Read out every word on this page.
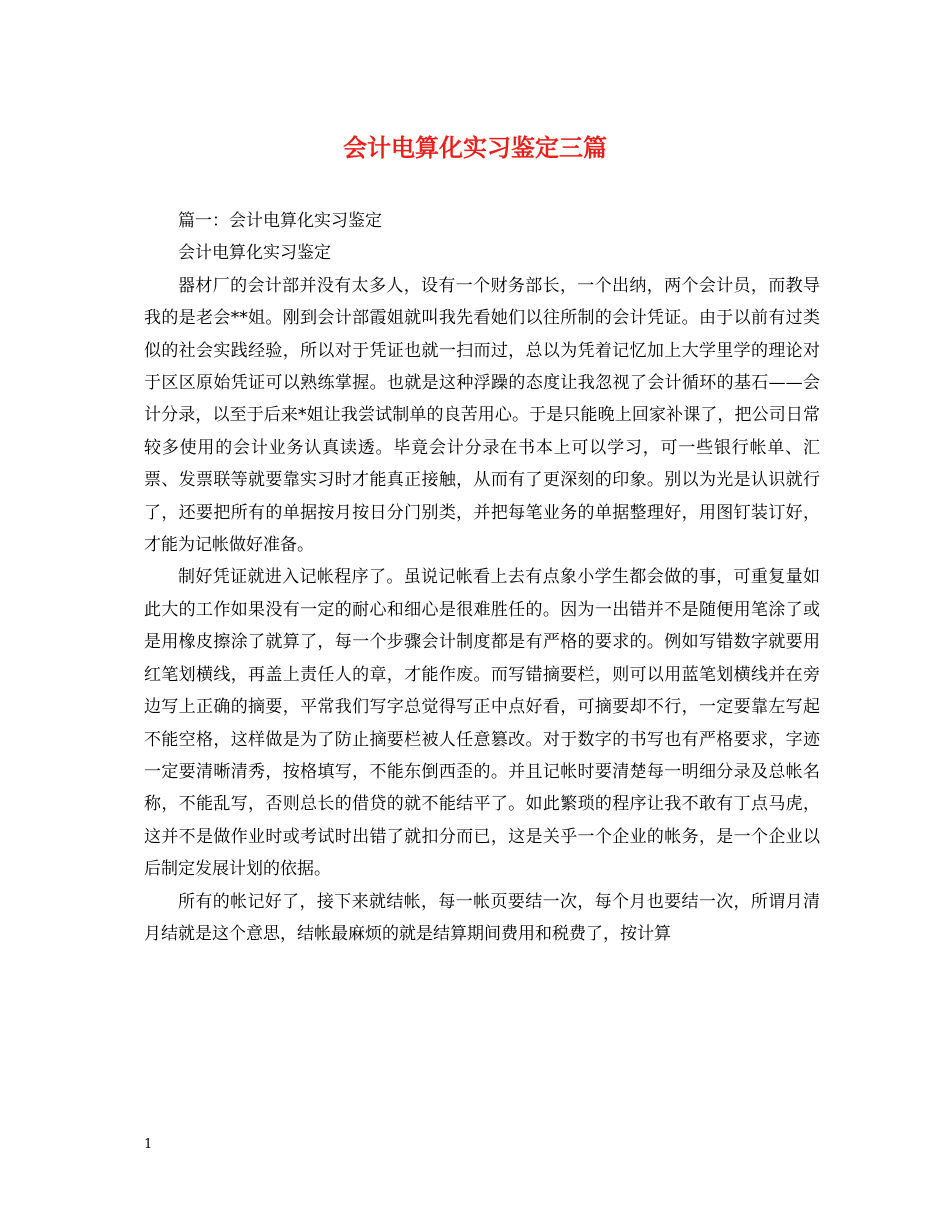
会计电算化实习鉴定三篇

篇一：会计电算化实习鉴定

会计电算化实习鉴定

器材厂的会计部并没有太多人，设有一个财务部长，一个出纳，两个会计员，而教导我的是老会**姐。刚到会计部霞姐就叫我先看她们以往所制的会计凭证。由于以前有过类似的社会实践经验，所以对于凭证也就一扫而过，总以为凭着记忆加上大学里学的理论对于区区原始凭证可以熟练掌握。也就是这种浮躁的态度让我忽视了会计循环的基石——会计分录，以至于后来*姐让我尝试制单的良苦用心。于是只能晚上回家补课了，把公司日常较多使用的会计业务认真读透。毕竟会计分录在书本上可以学习，可一些银行帐单、汇票、发票联等就要靠实习时才能真正接触，从而有了更深刻的印象。别以为光是认识就行了，还要把所有的单据按月按日分门别类，并把每笔业务的单据整理好，用图钉装订好，才能为记帐做好准备。

制好凭证就进入记帐程序了。虽说记帐看上去有点象小学生都会做的事，可重复量如此大的工作如果没有一定的耐心和细心是很难胜任的。因为一出错并不是随便用笔涂了或是用橡皮擦涂了就算了，每一个步骤会计制度都是有严格的要求的。例如写错数字就要用红笔划横线，再盖上责任人的章，才能作废。而写错摘要栏，则可以用蓝笔划横线并在旁边写上正确的摘要，平常我们写字总觉得写正中点好看，可摘要却不行，一定要靠左写起不能空格，这样做是为了防止摘要栏被人任意篡改。对于数字的书写也有严格要求，字迹一定要清晰清秀，按格填写，不能东倒西歪的。并且记帐时要清楚每一明细分录及总帐名称，不能乱写，否则总长的借贷的就不能结平了。如此繁琐的程序让我不敢有丁点马虎，这并不是做作业时或考试时出错了就扣分而已，这是关乎一个企业的帐务，是一个企业以后制定发展计划的依据。

所有的帐记好了，接下来就结帐，每一帐页要结一次，每个月也要结一次，所谓月清月结就是这个意思，结帐最麻烦的就是结算期间费用和税费了，按计算

1
